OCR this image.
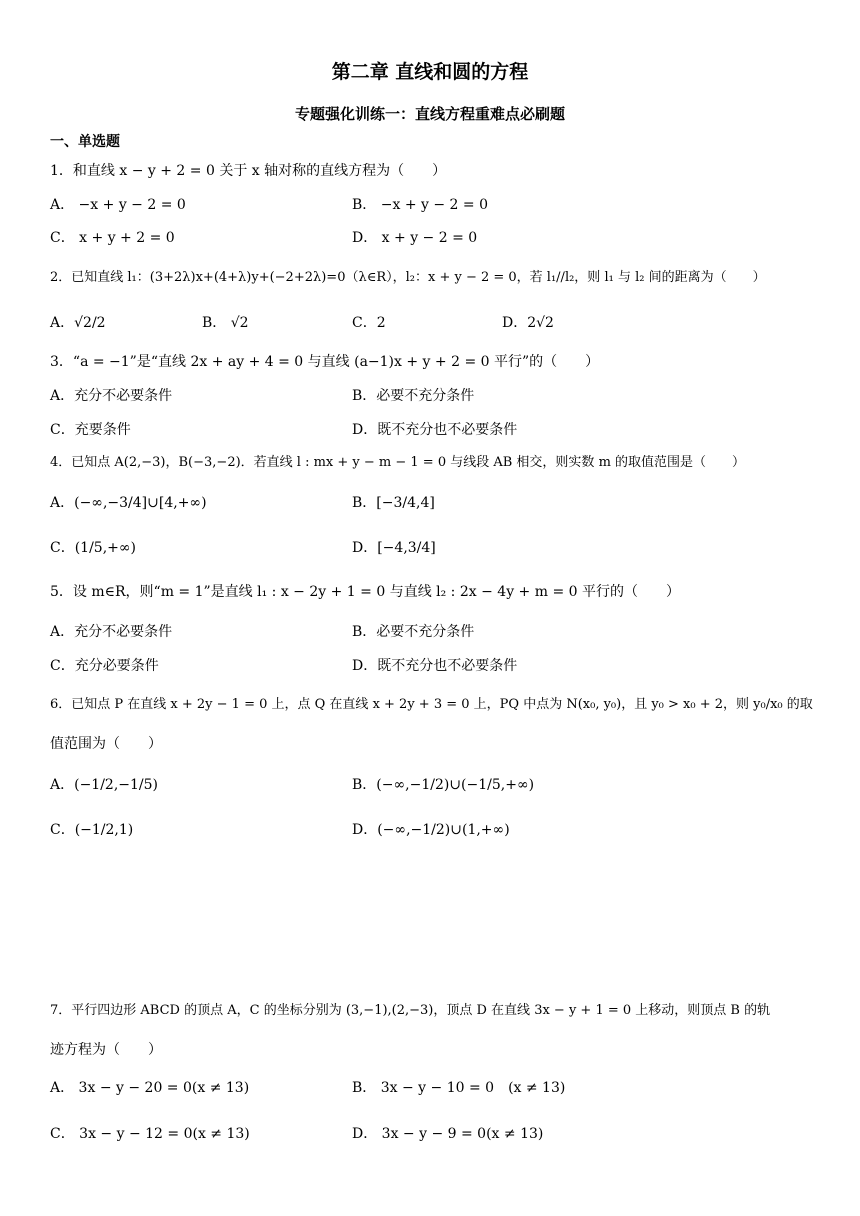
第二章 直线和圆的方程
专题强化训练一：直线方程重难点必刷题
一、单选题
1．和直线 x − y + 2 = 0 关于 x 轴对称的直线方程为（　　）
A． −x + y − 2 = 0	B． −x + y − 2 = 0
C． x + y + 2 = 0	D． x + y − 2 = 0
2．已知直线 l₁：(3+2λ)x+(4+λ)y+(−2+2λ)=0（λ∈R），l₂：x + y − 2 = 0，若 l₁//l₂，则 l₁ 与 l₂ 间的距离为（　　）
A．√2/2	B． √2	C．2	D．2√2
3．“a = −1”是“直线 2x + ay + 4 = 0 与直线 (a−1)x + y + 2 = 0 平行”的（　　）
A．充分不必要条件	B．必要不充分条件
C．充要条件	D．既不充分也不必要条件
4．已知点 A(2,−3)，B(−3,−2)．若直线 l : mx + y − m − 1 = 0 与线段 AB 相交，则实数 m 的取值范围是（　　）
A．(−∞,−3/4]∪[4,+∞)	B．[−3/4,4]
C．(1/5,+∞)	D．[−4,3/4]
5．设 m∈R，则“m = 1”是直线 l₁ : x − 2y + 1 = 0 与直线 l₂ : 2x − 4y + m = 0 平行的（　　）
A．充分不必要条件	B．必要不充分条件
C．充分必要条件	D．既不充分也不必要条件
6．已知点 P 在直线 x + 2y − 1 = 0 上，点 Q 在直线 x + 2y + 3 = 0 上，PQ 中点为 N(x₀, y₀)，且 y₀ > x₀ + 2，则 y₀/x₀ 的取
值范围为（　　）
A．(−1/2,−1/5)	B．(−∞,−1/2)∪(−1/5,+∞)
C．(−1/2,1)	D．(−∞,−1/2)∪(1,+∞)
7．平行四边形 ABCD 的顶点 A，C 的坐标分别为 (3,−1),(2,−3)，顶点 D 在直线 3x − y + 1 = 0 上移动，则顶点 B 的轨
迹方程为（　　）
A． 3x − y − 20 = 0(x ≠ 13)	B． 3x − y − 10 = 0　(x ≠ 13)
C． 3x − y − 12 = 0(x ≠ 13)	D． 3x − y − 9 = 0(x ≠ 13)
